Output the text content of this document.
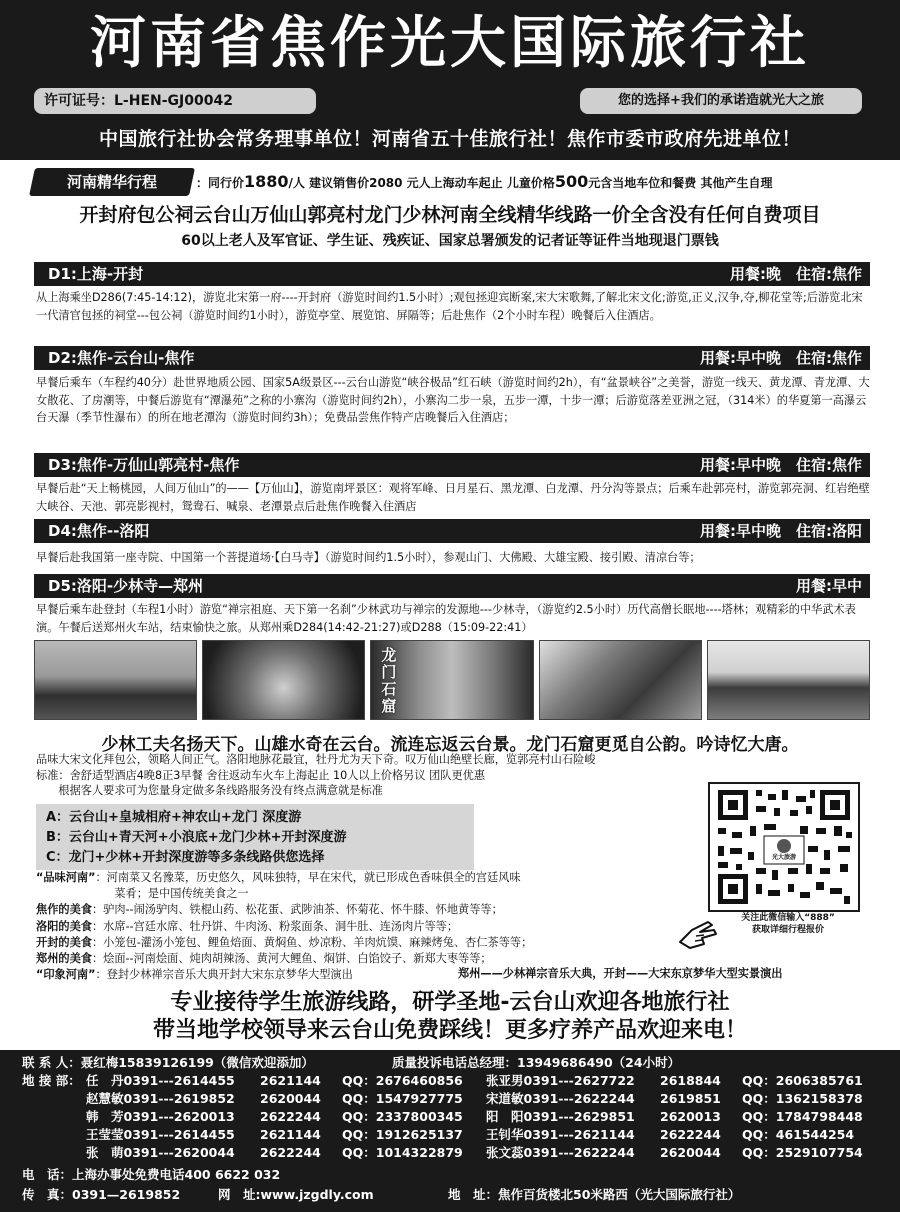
河南省焦作光大国际旅行社
许可证号：L-HEN-GJ00042	您的选择+我们的承诺造就光大之旅
中国旅行社协会常务理事单位！河南省五十佳旅行社！焦作市委市政府先进单位！
河南精华行程	：同行价1880/人 建议销售价2080 元人上海动车起止 儿童价格500元含当地车位和餐费 其他产生自理
开封府包公祠云台山万仙山郭亮村龙门少林河南全线精华线路一价全含没有任何自费项目
60以上老人及军官证、学生证、残疾证、国家总署颁发的记者证等证件当地现退门票钱
D1:上海-开封	用餐:晚　住宿:焦作
从上海乘坐D286(7:45-14:12)，游览北宋第一府----开封府（游览时间约1.5小时）;观包拯迎宾断案,宋大宋歌舞,了解北宋文化;游览,正义,汉争,夺,柳花堂等;后游览北宋一代清官包拯的祠堂---包公祠（游览时间约1小时），游览亭堂、展览馆、屏隔等；后赴焦作（2个小时车程）晚餐后入住酒店。
D2:焦作-云台山-焦作	用餐:早中晚　住宿:焦作
早餐后乘车（车程约40分）赴世界地质公园、国家5A级景区---云台山游览“峡谷极品”红石峡（游览时间约2h），有“盆景峡谷”之美誉，游览一线天、黄龙潭、青龙潭、大女散花、了房潮等，中餐后游览有“潭瀑苑”之称的小寨沟（游览时间约2h），小寨沟二步一泉，五步一潭，十步一潭；后游览落差亚洲之冠，（314米）的华夏第一高瀑云台天瀑（季节性瀑布）的所在地老潭沟（游览时间约3h）；免费品尝焦作特产店晚餐后入住酒店；
D3:焦作-万仙山郭亮村-焦作	用餐:早中晚　住宿:焦作
早餐后赴“天上畅桃园，人间万仙山”的——【万仙山】，游览南坪景区：观将军峰、日月星石、黑龙潭、白龙潭、丹分沟等景点；后乘车赴郭亮村，游览郭亮洞、红岩绝壁大峡谷、天池、郭亮影视村，鸳鸯石、喊泉、老潭景点后赴焦作晚餐入住酒店
D4:焦作--洛阳	用餐:早中晚　住宿:洛阳
早餐后赴我国第一座寺院、中国第一个菩提道场·【白马寺】（游览时间约1.5小时），参观山门、大佛殿、大雄宝殿、接引殿、清凉台等；
D5:洛阳-少林寺—郑州	用餐:早中
早餐后乘车赴登封（车程1小时）游览“禅宗祖庭、天下第一名刹”少林武功与禅宗的发源地---少林寺，（游览约2.5小时）历代高僧长眠地----塔林；观精彩的中华武术表演。午餐后送郑州火车站，结束愉快之旅。从郑州乘D284(14:42-21:27)或D288（15:09-22:41）
龙门石窟
少林工夫名扬天下。山雄水奇在云台。流连忘返云台景。龙门石窟更觅自公韵。吟诗忆大唐。

品味大宋文化拜包公，领略人间正气。洛阳地脉花最宜，牡丹尤为天下奇。叹万仙山绝壁长廊，览郭亮村山石险峻

标准：舍舒适型酒店4晚8正3早餐 舍往返动车火车上海起止 10人以上价格另议 团队更优惠

　　根据客人要求可为您量身定做多条线路服务没有终点满意就是标准

A：云台山+皇城相府+神农山+龙门 深度游

B：云台山+青天河+小浪底+龙门少林+开封深度游

C：龙门+少林+开封深度游等多条线路供您选择	光大旅游
关注此微信输入“888”
获取详细行程报价
“品味河南” ：河南菜又名豫菜，历史悠久，风味独特，早在宋代，就已形成色香味俱全的宫廷风味

　菜肴；是中国传统美食之一
焦作的美食 ：驴肉--闹汤驴肉、铁棍山药、松花蛋、武陟油茶、怀菊花、怀牛膝、怀地黄等等；
洛阳的美食 ：水席--宫廷水席、牡丹饼、牛肉汤、粉浆面条、洞牛肚、连汤肉片等等；
开封的美食 ：小笼包-灌汤小笼包、鲤鱼焙面、黄焖鱼、炒凉粉、羊肉炕馍、麻辣烤兔、杏仁茶等等；
郑州的美食 ：烩面--河南烩面、炖肉胡辣汤、黄河大鲤鱼、焖饼、白馅饺子、新郑大枣等等；
“印象河南” ：登封少林禅宗音乐大典开封大宋东京梦华大型演出	郑州——少林禅宗音乐大典，开封——大宋东京梦华大型实景演出
专业接待学生旅游线路，研学圣地-云台山欢迎各地旅行社
带当地学校领导来云台山免费踩线！更多疗养产品欢迎来电！
联 系 人：聂红梅15839126199（微信欢迎添加）	质量投诉电话总经理：13949686490（24小时）
地 接 部： 任　丹0391---2614455 2621144 QQ：2676460856 张亚男0391---2627722 2618844 QQ：2606385761
赵慧敏0391---2619852 2620044 QQ：1547927775 宋道敏0391---2622244 2619851 QQ：1362158378
韩　芳0391---2620013 2622244 QQ：2337800345 阳　阳0391---2629851 2620013 QQ：1784798448
王莹莹0391---2614455 2621144 QQ：1912625137 王钊华0391---2621144 2622244 QQ：461544254
张　萌0391---2620044 2622244 QQ：1014322879 张文蕊0391---2622244 2620044 QQ：2529107754
电　话：上海办事处免费电话400 6622 032
传　真：0391—2619852	网　址:www.jzgdly.com	地　址：焦作百货楼北50米路西（光大国际旅行社）
